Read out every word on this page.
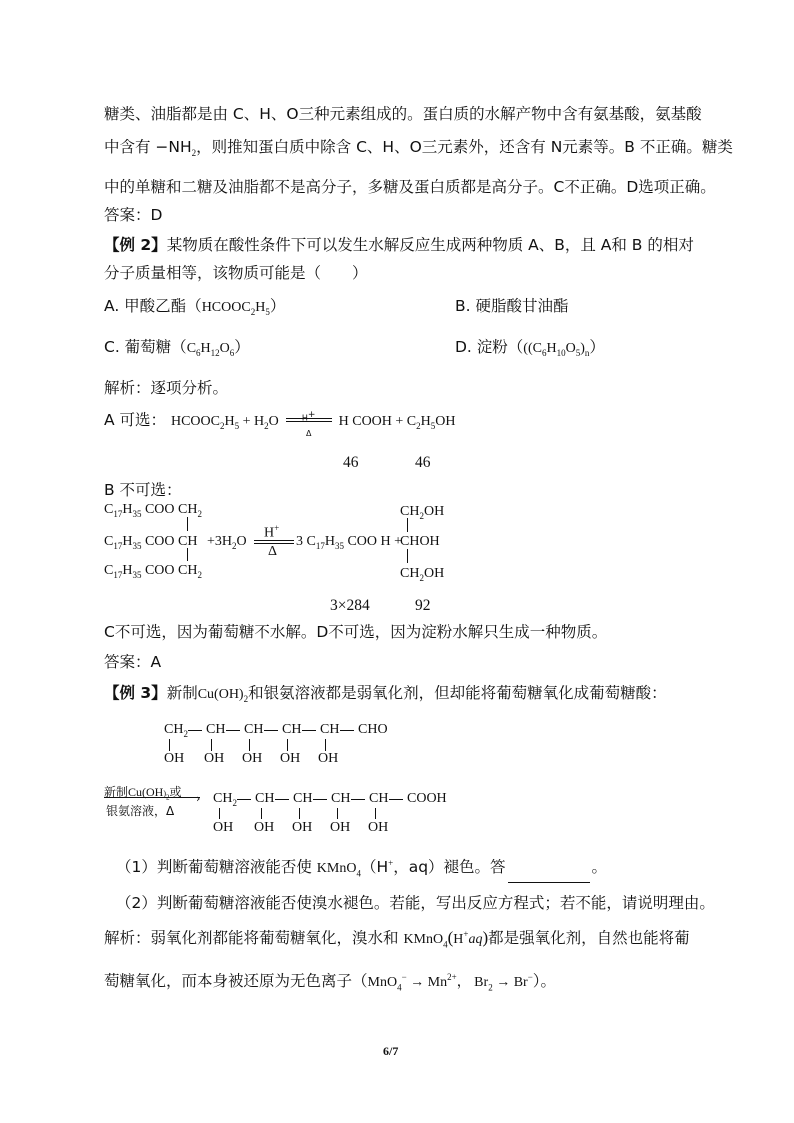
糖类、油脂都是由 C、H、O三种元素组成的。蛋白质的水解产物中含有氨基酸，氨基酸
中含有 $-NH_2$，则推知蛋白质中除含 C、H、O三元素外，还含有 N元素等。B 不正确。糖类
中的单糖和二糖及油脂都不是高分子，多糖及蛋白质都是高分子。C不正确。D选项正确。
答案：D
【例 2】某物质在酸性条件下可以发生水解反应生成两种物质 A、B，且 A和 B 的相对
分子质量相等，该物质可能是（　　）
A. 甲酸乙酯$(HCOOC_2H_5)$	B. 硬脂酸甘油酯
C. 葡萄糖$(C_6H_{12}O_6)$	D. 淀粉（$((C_6H_{10}O_5)_n)$
解析：逐项分析。
A 可选： $HCOOC_2H_5 + H_2O \frac{H^+}{\Delta}$ H COOH + $C_2H_5OH$
46	46
B 不可选：
$C_{17}H_{35}$ COO $CH_2$
$C_{17}H_{35}$ COO CH
$C_{17}H_{35}$ COO $CH_2$
$+3H_2O$
H+
Δ
3 $C_{17}H_{35}$ COO H +
$CH_2OH$
CHOH
$CH_2OH$
3×284	92
C不可选，因为葡萄糖不水解。D不可选，因为淀粉水解只生成一种物质。
答案：A
【例 3】新制$Cu(OH)_2$和银氨溶液都是弱氧化剂，但却能将葡萄糖氧化成葡萄糖酸：
$CH_2$ CH CH CH CH CHO
OH OH OH OH OH
新制$Cu(OH)_2$或 ›
银氨溶液，Δ
$CH_2$ CH CH CH CH COOH
OH OH OH OH OH
（1）判断葡萄糖溶液能否使 KMnO$_4$（H+，aq）褪色。答	。
（2）判断葡萄糖溶液能否使溴水褪色。若能，写出反应方程式；若不能，请说明理由。
解析：弱氧化剂都能将葡萄糖氧化，溴水和 KMnO$_4$(H+aq)都是强氧化剂，自然也能将葡
萄糖氧化，而本身被还原为无色离子（$MnO_4^- \to Mn^{2+}$， $Br_2 \to Br^-$）。
6/7
